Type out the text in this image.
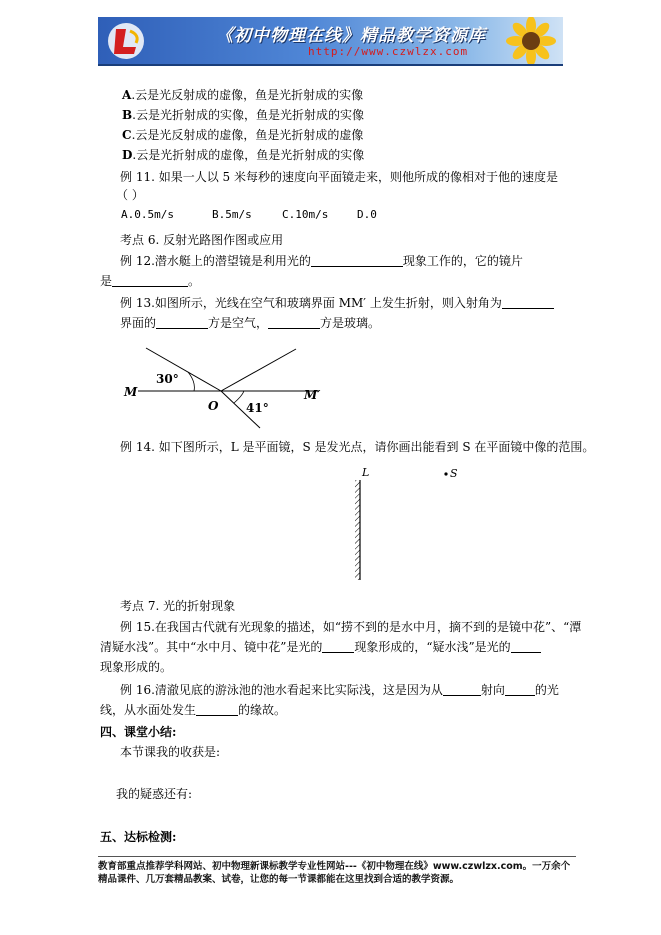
《初中物理在线》精品教学资源库
http://www.czwlzx.com
A.云是光反射成的虚像，鱼是光折射成的实像
B.云是光折射成的实像，鱼是光折射成的实像
C.云是光反射成的虚像，鱼是光折射成的虚像
D.云是光折射成的虚像，鱼是光折射成的实像
例 11. 如果一人以 5 米每秒的速度向平面镜走来，则他所成的像相对于他的速度是
（ ）
A.0.5m/s	B.5m/s	C.10m/s	D.0
考点 6. 反射光路图作图或应用
例 12.潜水艇上的潜望镜是利用光的	现象工作的，它的镜片
是	。
例 13.如图所示，光线在空气和玻璃界面 MM′ 上发生折射，则入射角为
界面的	方是空气，	方是玻璃。
M	M′
O
30°
41°
例 14. 如下图所示，L 是平面镜，S 是发光点，请你画出能看到 S 在平面镜中像的范围。
L	S
考点 7. 光的折射现象
例 15.在我国古代就有光现象的描述，如“捞不到的是水中月，摘不到的是镜中花”、“潭
清疑水浅”。其中“水中月、镜中花”是光的	现象形成的，“疑水浅”是光的
现象形成的。
例 16.清澈见底的游泳池的池水看起来比实际浅，这是因为从	射向	的光
线，从水面处发生	的缘故。
四、课堂小结:
本节课我的收获是:
我的疑惑还有:
五、达标检测:
教育部重点推荐学科网站、初中物理新课标教学专业性网站---《初中物理在线》www.czwlzx.com。一万余个精品课件、几万套精品教案、试卷，让您的每一节课都能在这里找到合适的教学资源。
